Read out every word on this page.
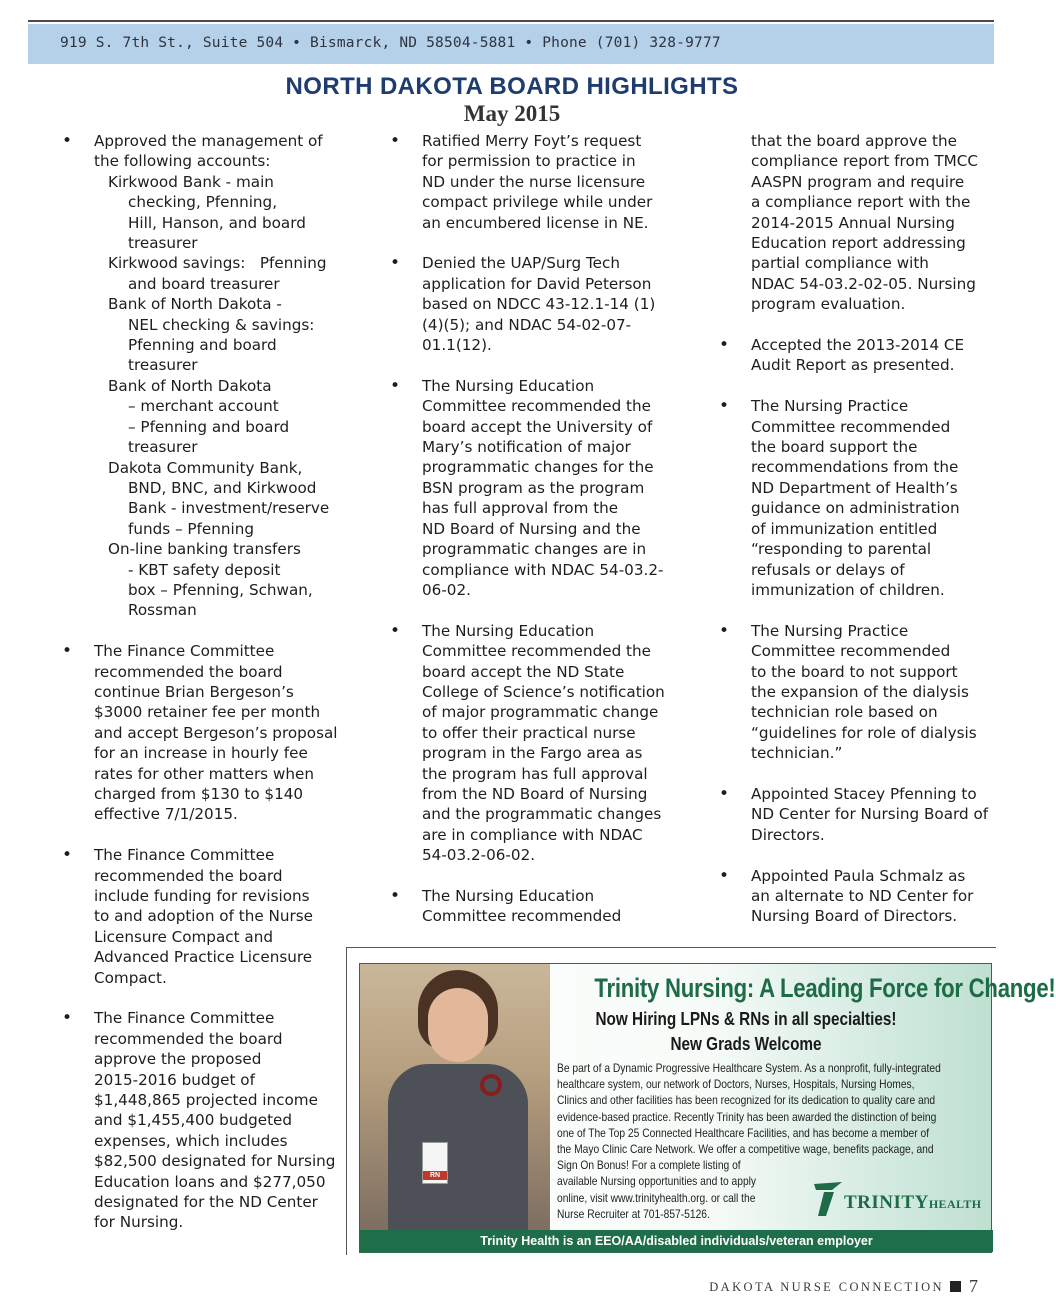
919 S. 7th St., Suite 504 • Bismarck, ND 58504-5881 • Phone (701) 328-9777
NORTH DAKOTA BOARD HIGHLIGHTS
May 2015
• Approved the management of
the following accounts:
Kirkwood Bank - main
checking, Pfenning,
Hill, Hanson, and board
treasurer
Kirkwood savings:   Pfenning
and board treasurer
Bank of North Dakota -
NEL checking & savings:
Pfenning and board
treasurer
Bank of North Dakota
– merchant account
– Pfenning and board
treasurer
Dakota Community Bank,
BND, BNC, and Kirkwood
Bank - investment/reserve
funds – Pfenning
On-line banking transfers
- KBT safety deposit
box – Pfenning, Schwan,
Rossman
• The Finance Committee
recommended the board
continue Brian Bergeson’s
$3000 retainer fee per month
and accept Bergeson’s proposal
for an increase in hourly fee
rates for other matters when
charged from $130 to $140
effective 7/1/2015.
• The Finance Committee
recommended the board
include funding for revisions
to and adoption of the Nurse
Licensure Compact and
Advanced Practice Licensure
Compact.
• The Finance Committee
recommended the board
approve the proposed
2015-2016 budget of
$1,448,865 projected income
and $1,455,400 budgeted
expenses, which includes
$82,500 designated for Nursing
Education loans and $277,050
designated for the ND Center
for Nursing.
• Ratified Merry Foyt’s request
for permission to practice in
ND under the nurse licensure
compact privilege while under
an encumbered license in NE.
• Denied the UAP/Surg Tech
application for David Peterson
based on NDCC 43-12.1-14 (1)
(4)(5); and NDAC 54-02-07-
01.1(12).
• The Nursing Education
Committee recommended the
board accept the University of
Mary’s notification of major
programmatic changes for the
BSN program as the program
has full approval from the
ND Board of Nursing and the
programmatic changes are in
compliance with NDAC 54-03.2-
06-02.
• The Nursing Education
Committee recommended the
board accept the ND State
College of Science’s notification
of major programmatic change
to offer their practical nurse
program in the Fargo area as
the program has full approval
from the ND Board of Nursing
and the programmatic changes
are in compliance with NDAC
54-03.2-06-02.
• The Nursing Education
Committee recommended
that the board approve the
compliance report from TMCC
AASPN program and require
a compliance report with the
2014-2015 Annual Nursing
Education report addressing
partial compliance with
NDAC 54-03.2-02-05. Nursing
program evaluation.
• Accepted the 2013-2014 CE
Audit Report as presented.
• The Nursing Practice
Committee recommended
the board support the
recommendations from the
ND Department of Health’s
guidance on administration
of immunization entitled
“responding to parental
refusals or delays of
immunization of children.
• The Nursing Practice
Committee recommended
to the board to not support
the expansion of the dialysis
technician role based on
“guidelines for role of dialysis
technician.”
• Appointed Stacey Pfenning to
ND Center for Nursing Board of
Directors.
• Appointed Paula Schmalz as
an alternate to ND Center for
Nursing Board of Directors.
RN
Trinity Nursing: A Leading Force for Change!
Now Hiring LPNs & RNs in all specialties!
New Grads Welcome
Be part of a Dynamic Progressive Healthcare System. As a nonprofit, fully-integrated
healthcare system, our network of Doctors, Nurses, Hospitals, Nursing Homes,
Clinics and other facilities has been recognized for its dedication to quality care and
evidence-based practice. Recently Trinity has been awarded the distinction of being
one of The Top 25 Connected Healthcare Facilities, and has become a member of
the Mayo Clinic Care Network. We offer a competitive wage, benefits package, and
Sign On Bonus! For a complete listing of
available Nursing opportunities and to apply
online, visit www.trinityhealth.org. or call the
Nurse Recruiter at 701-857-5126.
TRINITYHEALTH
Trinity Health is an EEO/AA/disabled individuals/veteran employer
DAKOTA NURSE CONNECTION 7
